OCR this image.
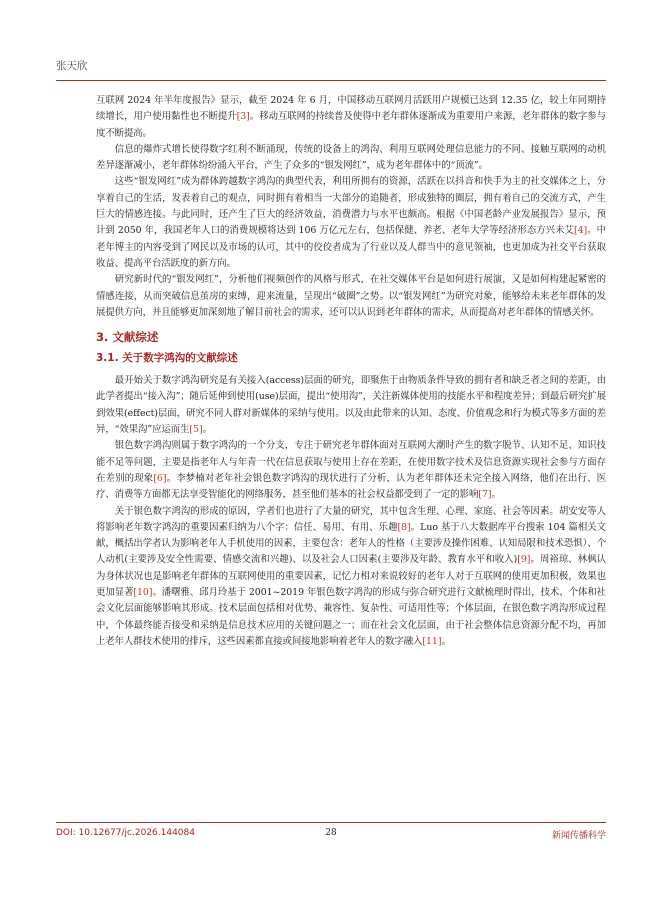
张天欣

互联网 2024 年半年度报告》显示，截至 2024 年 6 月，中国移动互联网月活跃用户规模已达到 12.35 亿，较上年同期持续增长，用户使用黏性也不断提升[3]。移动互联网的持续普及使得中老年群体逐渐成为重要用户来源，老年群体的数字参与度不断提高。

信息的爆炸式增长使得数字红利不断涌现，传统的设备上的鸿沟、利用互联网处理信息能力的不同、接触互联网的动机差异逐渐减小，老年群体纷纷涌入平台，产生了众多的“银发网红”，成为老年群体中的“顶流”。

这些“银发网红”成为群体跨越数字鸿沟的典型代表，利用所拥有的资源，活跃在以抖音和快手为主的社交媒体之上，分享着自己的生活，发表着自己的观点，同时拥有着相当一大部分的追随者，形成独特的圈层，拥有着自己的交流方式，产生巨大的情感连接。与此同时，还产生了巨大的经济效益，消费潜力与水平也颇高。根据《中国老龄产业发展报告》显示，预计到 2050 年，我国老年人口的消费规模将达到 106 万亿元左右，包括保健、养老、老年大学等经济形态方兴未艾[4]。中老年博主的内容受到了网民以及市场的认可，其中的佼佼者成为了行业以及人群当中的意见领袖，也更加成为社交平台获取收益、提高平台活跃度的新方向。

研究新时代的“银发网红”，分析他们视频创作的风格与形式，在社交媒体平台是如何进行展演，又是如何构建起紧密的情感连接，从而突破信息茧房的束缚，迎来流量，呈现出“破圈”之势。以“银发网红”为研究对象，能够给未来老年群体的发展提供方向，并且能够更加深刻地了解目前社会的需求，还可以认识到老年群体的需求，从而提高对老年群体的情感关怀。

3. 文献综述
3.1. 关于数字鸿沟的文献综述

最开始关于数字鸿沟研究是有关接入(access)层面的研究，即聚焦于由物质条件导致的拥有者和缺乏者之间的差距，由此学者提出“接入沟”；随后延伸到使用(use)层面，提出“使用沟”，关注新媒体使用的技能水平和程度差异；到最后研究扩展到效果(effect)层面，研究不同人群对新媒体的采纳与使用。以及由此带来的认知、态度、价值观念和行为模式等多方面的差异，“效果沟”应运而生[5]。

银色数字鸿沟则属于数字鸿沟的一个分支，专注于研究老年群体面对互联网大潮时产生的数字脱节、认知不足、知识技能不足等问题，主要是指老年人与年青一代在信息获取与使用上存在差距，在使用数字技术及信息资源实现社会参与方面存在差别的现象[6]。李梦楠对老年社会银色数字鸿沟的现状进行了分析，认为老年群体还未完全接入网络，他们在出行、医疗、消费等方面都无法享受智能化的网络服务，甚至他们基本的社会权益都受到了一定的影响[7]。

关于银色数字鸿沟的形成的原因，学者们也进行了大量的研究，其中包含生理、心理、家庭、社会等因素。胡安安等人将影响老年数字鸿沟的重要因素归纳为八个字：信任、易用、有用、乐趣[8]。Luo 基于八大数据库平台搜索 104 篇相关文献，概括出学者认为影响老年人手机使用的因素，主要包含：老年人的性格（主要涉及操作困难、认知局限和技术恐惧）、个人动机(主要涉及安全性需要、情感交流和兴趣)、以及社会人口因素(主要涉及年龄、教育水平和收入)[9]。周裕琼、林枫认为身体状况也是影响老年群体的互联网使用的重要因素，记忆力相对来说较好的老年人对于互联网的使用更加积极，效果也更加显著[10]。潘曙雅、邱月玲基于 2001~2019 年银色数字鸿沟的形成与弥合研究进行文献梳理时得出，技术、个体和社会文化层面能够影响其形成。技术层面包括相对优势、兼容性、复杂性、可适用性等；个体层面，在银色数字鸿沟形成过程中，个体最终能否接受和采纳是信息技术应用的关键问题之一；而在社会文化层面，由于社会整体信息资源分配不均，再加上老年人群技术使用的排斥，这些因素都直接或间接地影响着老年人的数字融入[11]。

DOI: 10.12677/jc.2026.144084	28	新闻传播科学
